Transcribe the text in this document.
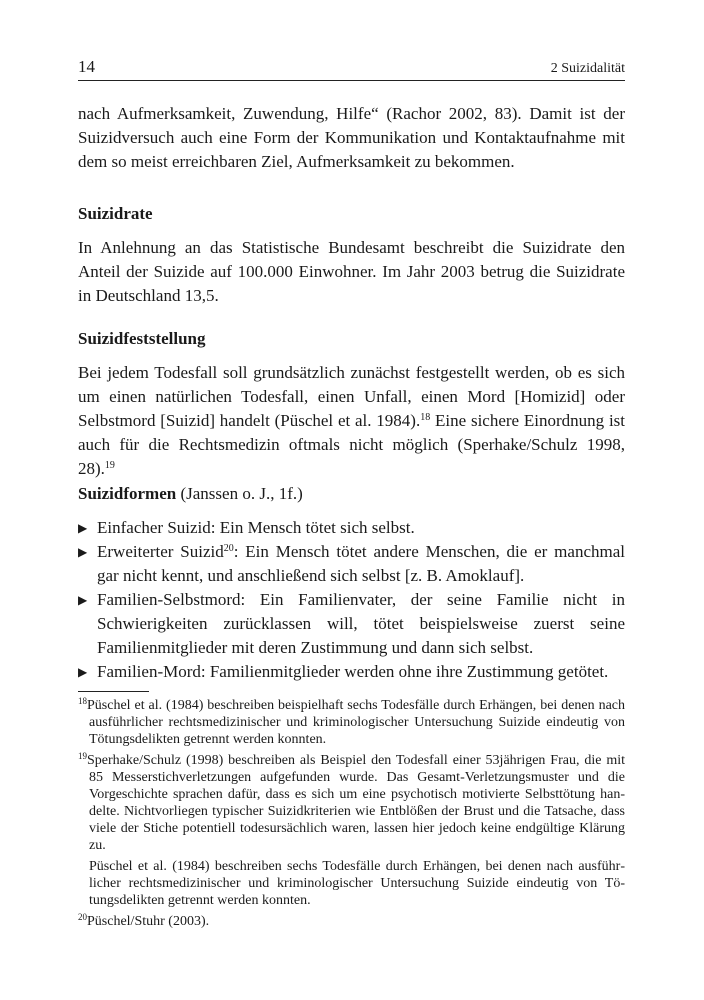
14	2 Suizidalität

nach Aufmerksamkeit, Zuwendung, Hilfe“ (Rachor 2002, 83). Damit ist der Suizidversuch auch eine Form der Kommunikation und Kontaktaufnahme mit dem so meist erreichbaren Ziel, Aufmerksamkeit zu bekommen.

Suizidrate

In Anlehnung an das Statistische Bundesamt beschreibt die Suizidrate den Anteil der Suizide auf 100.000 Einwohner. Im Jahr 2003 betrug die Suizidrate in Deutschland 13,5.

Suizidfeststellung

Bei jedem Todesfall soll grundsätzlich zunächst festgestellt werden, ob es sich um einen natürlichen Todesfall, einen Unfall, einen Mord [Homizid] oder Selbstmord [Suizid] handelt (Püschel et al. 1984).$^{18}$ Eine sichere Einordnung ist auch für die Rechtsmedizin oftmals nicht möglich (Sperhake/Schulz 1998, 28).$^{19}$

Suizidformen (Janssen o. J., 1f.)

▶ Einfacher Suizid: Ein Mensch tötet sich selbst.
▶ Erweiterter Suizid$^{20}$: Ein Mensch tötet andere Menschen, die er manchmal gar nicht kennt, und anschließend sich selbst [z. B. Amoklauf].
▶ Familien-Selbstmord: Ein Familienvater, der seine Familie nicht in Schwierigkeiten zurücklassen will, tötet beispielsweise zuerst seine Familienmitglieder mit deren Zustimmung und dann sich selbst.
▶ Familien-Mord: Familienmitglieder werden ohne ihre Zustimmung getötet.

$^{18}$Püschel et al. (1984) beschreiben beispielhaft sechs Todesfälle durch Erhängen, bei denen nach ausführlicher rechtsmedizinischer und kriminologischer Untersuchung Suizide eindeutig von Tötungsdelikten getrennt werden konnten.

$^{19}$Sperhake/Schulz (1998) beschreiben als Beispiel den Todesfall einer 53jährigen Frau, die mit 85 Messerstichverletzungen aufgefunden wurde. Das Gesamt-Verletzungsmuster und die Vorgeschichte sprachen dafür, dass es sich um eine psychotisch motivierte Selbsttötung handelte. Nichtvorliegen typischer Suizidkriterien wie Entblößen der Brust und die Tatsache, dass viele der Stiche potentiell todesursächlich waren, lassen hier jedoch keine endgültige Klärung zu.

Püschel et al. (1984) beschreiben sechs Todesfälle durch Erhängen, bei denen nach ausführlicher rechtsmedizinischer und kriminologischer Untersuchung Suizide eindeutig von Tötungsdelikten getrennt werden konnten.

$^{20}$Püschel/Stuhr (2003).
